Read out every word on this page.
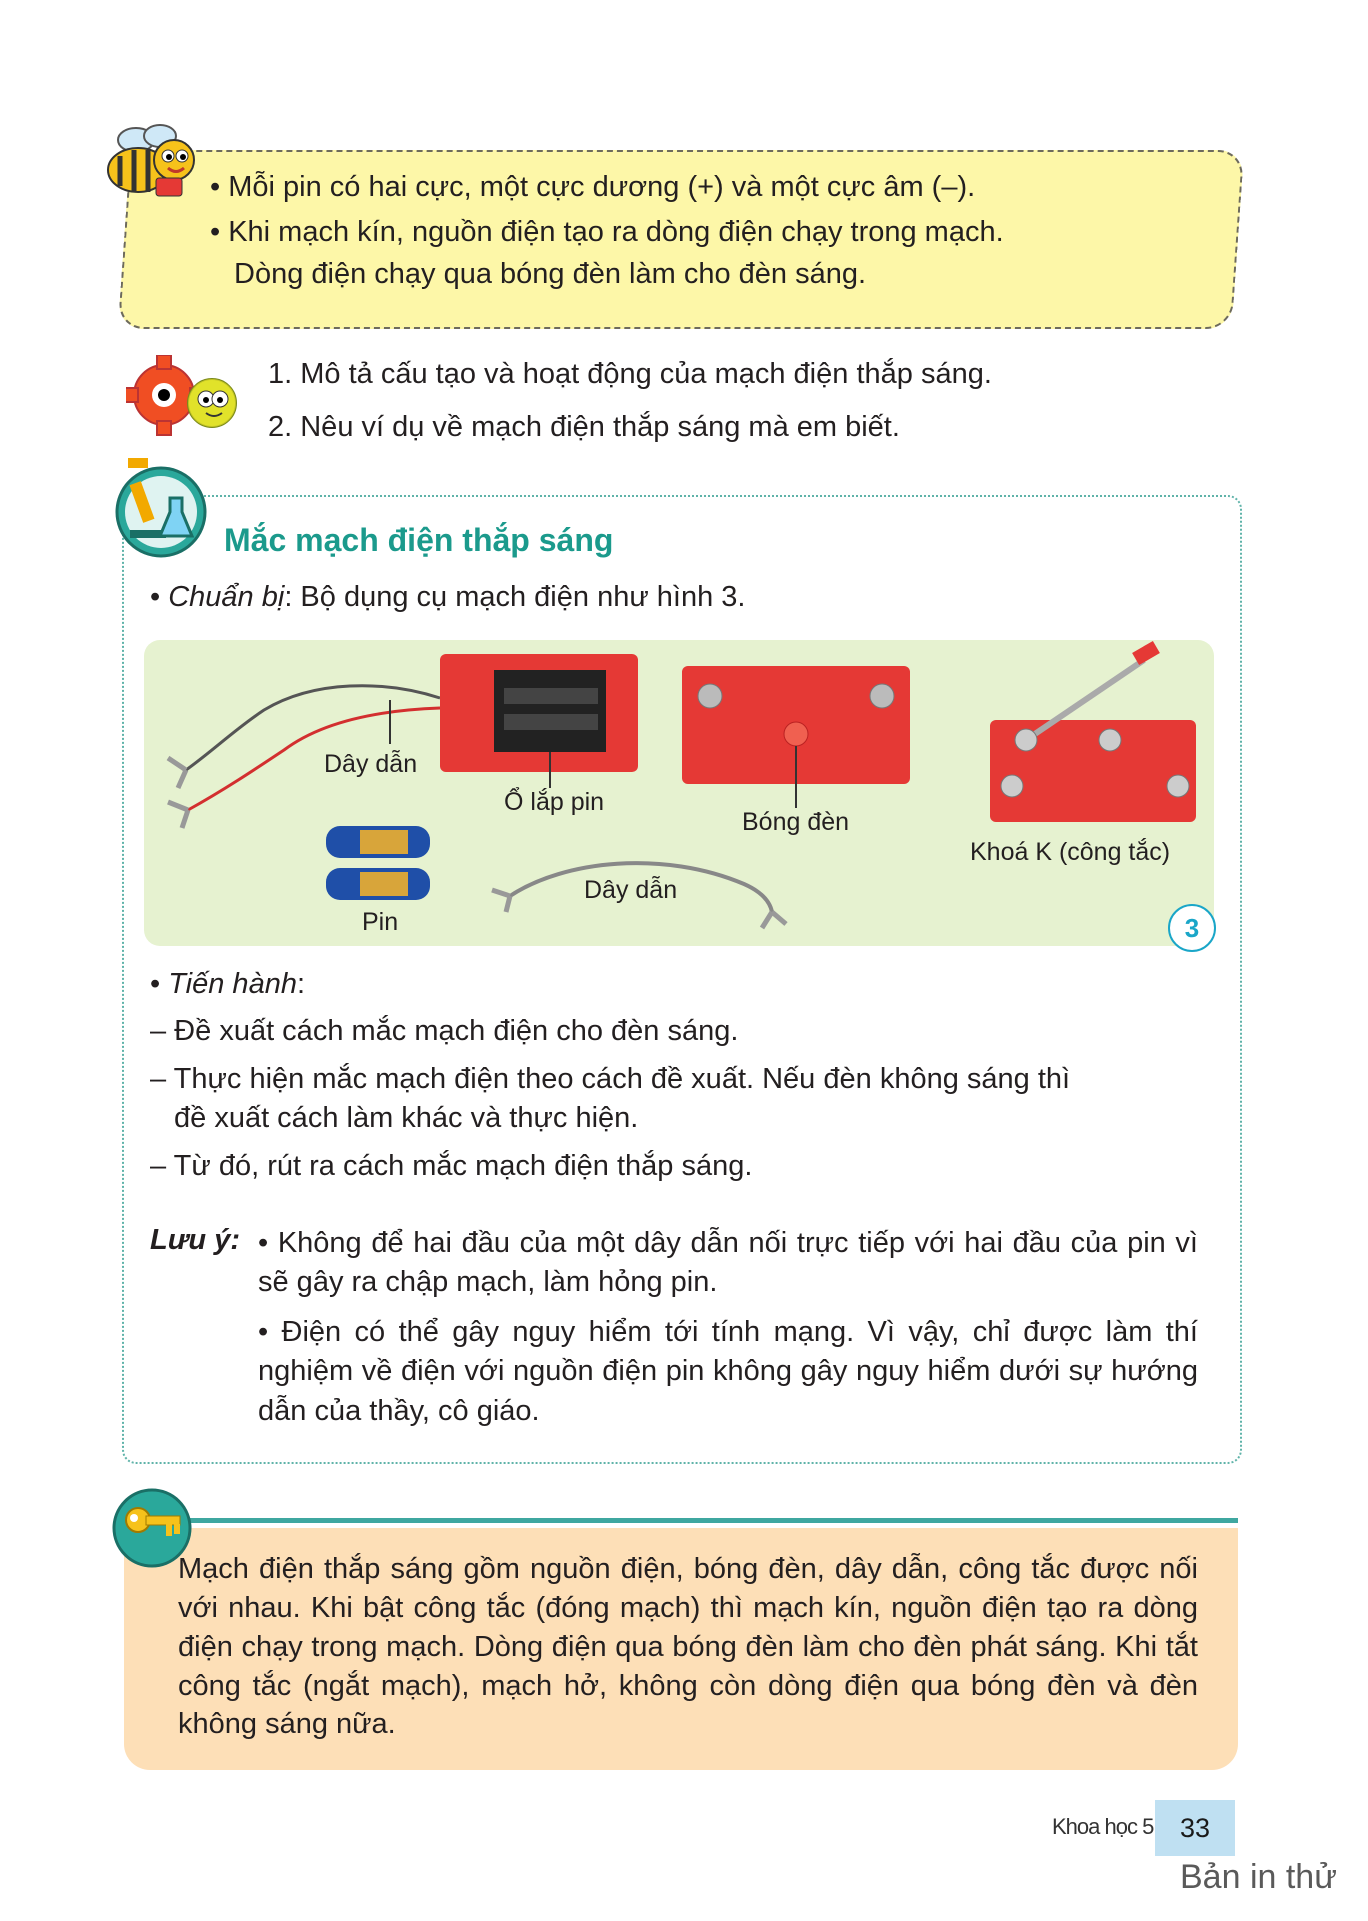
• Mỗi pin có hai cực, một cực dương (+) và một cực âm (–).
• Khi mạch kín, nguồn điện tạo ra dòng điện chạy trong mạch.
Dòng điện chạy qua bóng đèn làm cho đèn sáng.
1. Mô tả cấu tạo và hoạt động của mạch điện thắp sáng.
2. Nêu ví dụ về mạch điện thắp sáng mà em biết.
Mắc mạch điện thắp sáng
• Chuẩn bị: Bộ dụng cụ mạch điện như hình 3.
Dây dẫn
Ổ lắp pin
Bóng đèn
Khoá K (công tắc)
Pin
Dây dẫn
3
• Tiến hành:
– Đề xuất cách mắc mạch điện cho đèn sáng.
– Thực hiện mắc mạch điện theo cách đề xuất. Nếu đèn không sáng thì
đề xuất cách làm khác và thực hiện.
– Từ đó, rút ra cách mắc mạch điện thắp sáng.
Lưu ý: • Không để hai đầu của một dây dẫn nối trực tiếp với hai đầu của pin vì sẽ gây ra chập mạch, làm hỏng pin.
• Điện có thể gây nguy hiểm tới tính mạng. Vì vậy, chỉ được làm thí nghiệm về điện với nguồn điện pin không gây nguy hiểm dưới sự hướng dẫn của thầy, cô giáo.
Mạch điện thắp sáng gồm nguồn điện, bóng đèn, dây dẫn, công tắc được nối với nhau. Khi bật công tắc (đóng mạch) thì mạch kín, nguồn điện tạo ra dòng điện chạy trong mạch. Dòng điện qua bóng đèn làm cho đèn phát sáng. Khi tắt công tắc (ngắt mạch), mạch hở, không còn dòng điện qua bóng đèn và đèn không sáng nữa.
Khoa học 5 33
Bản in thử
